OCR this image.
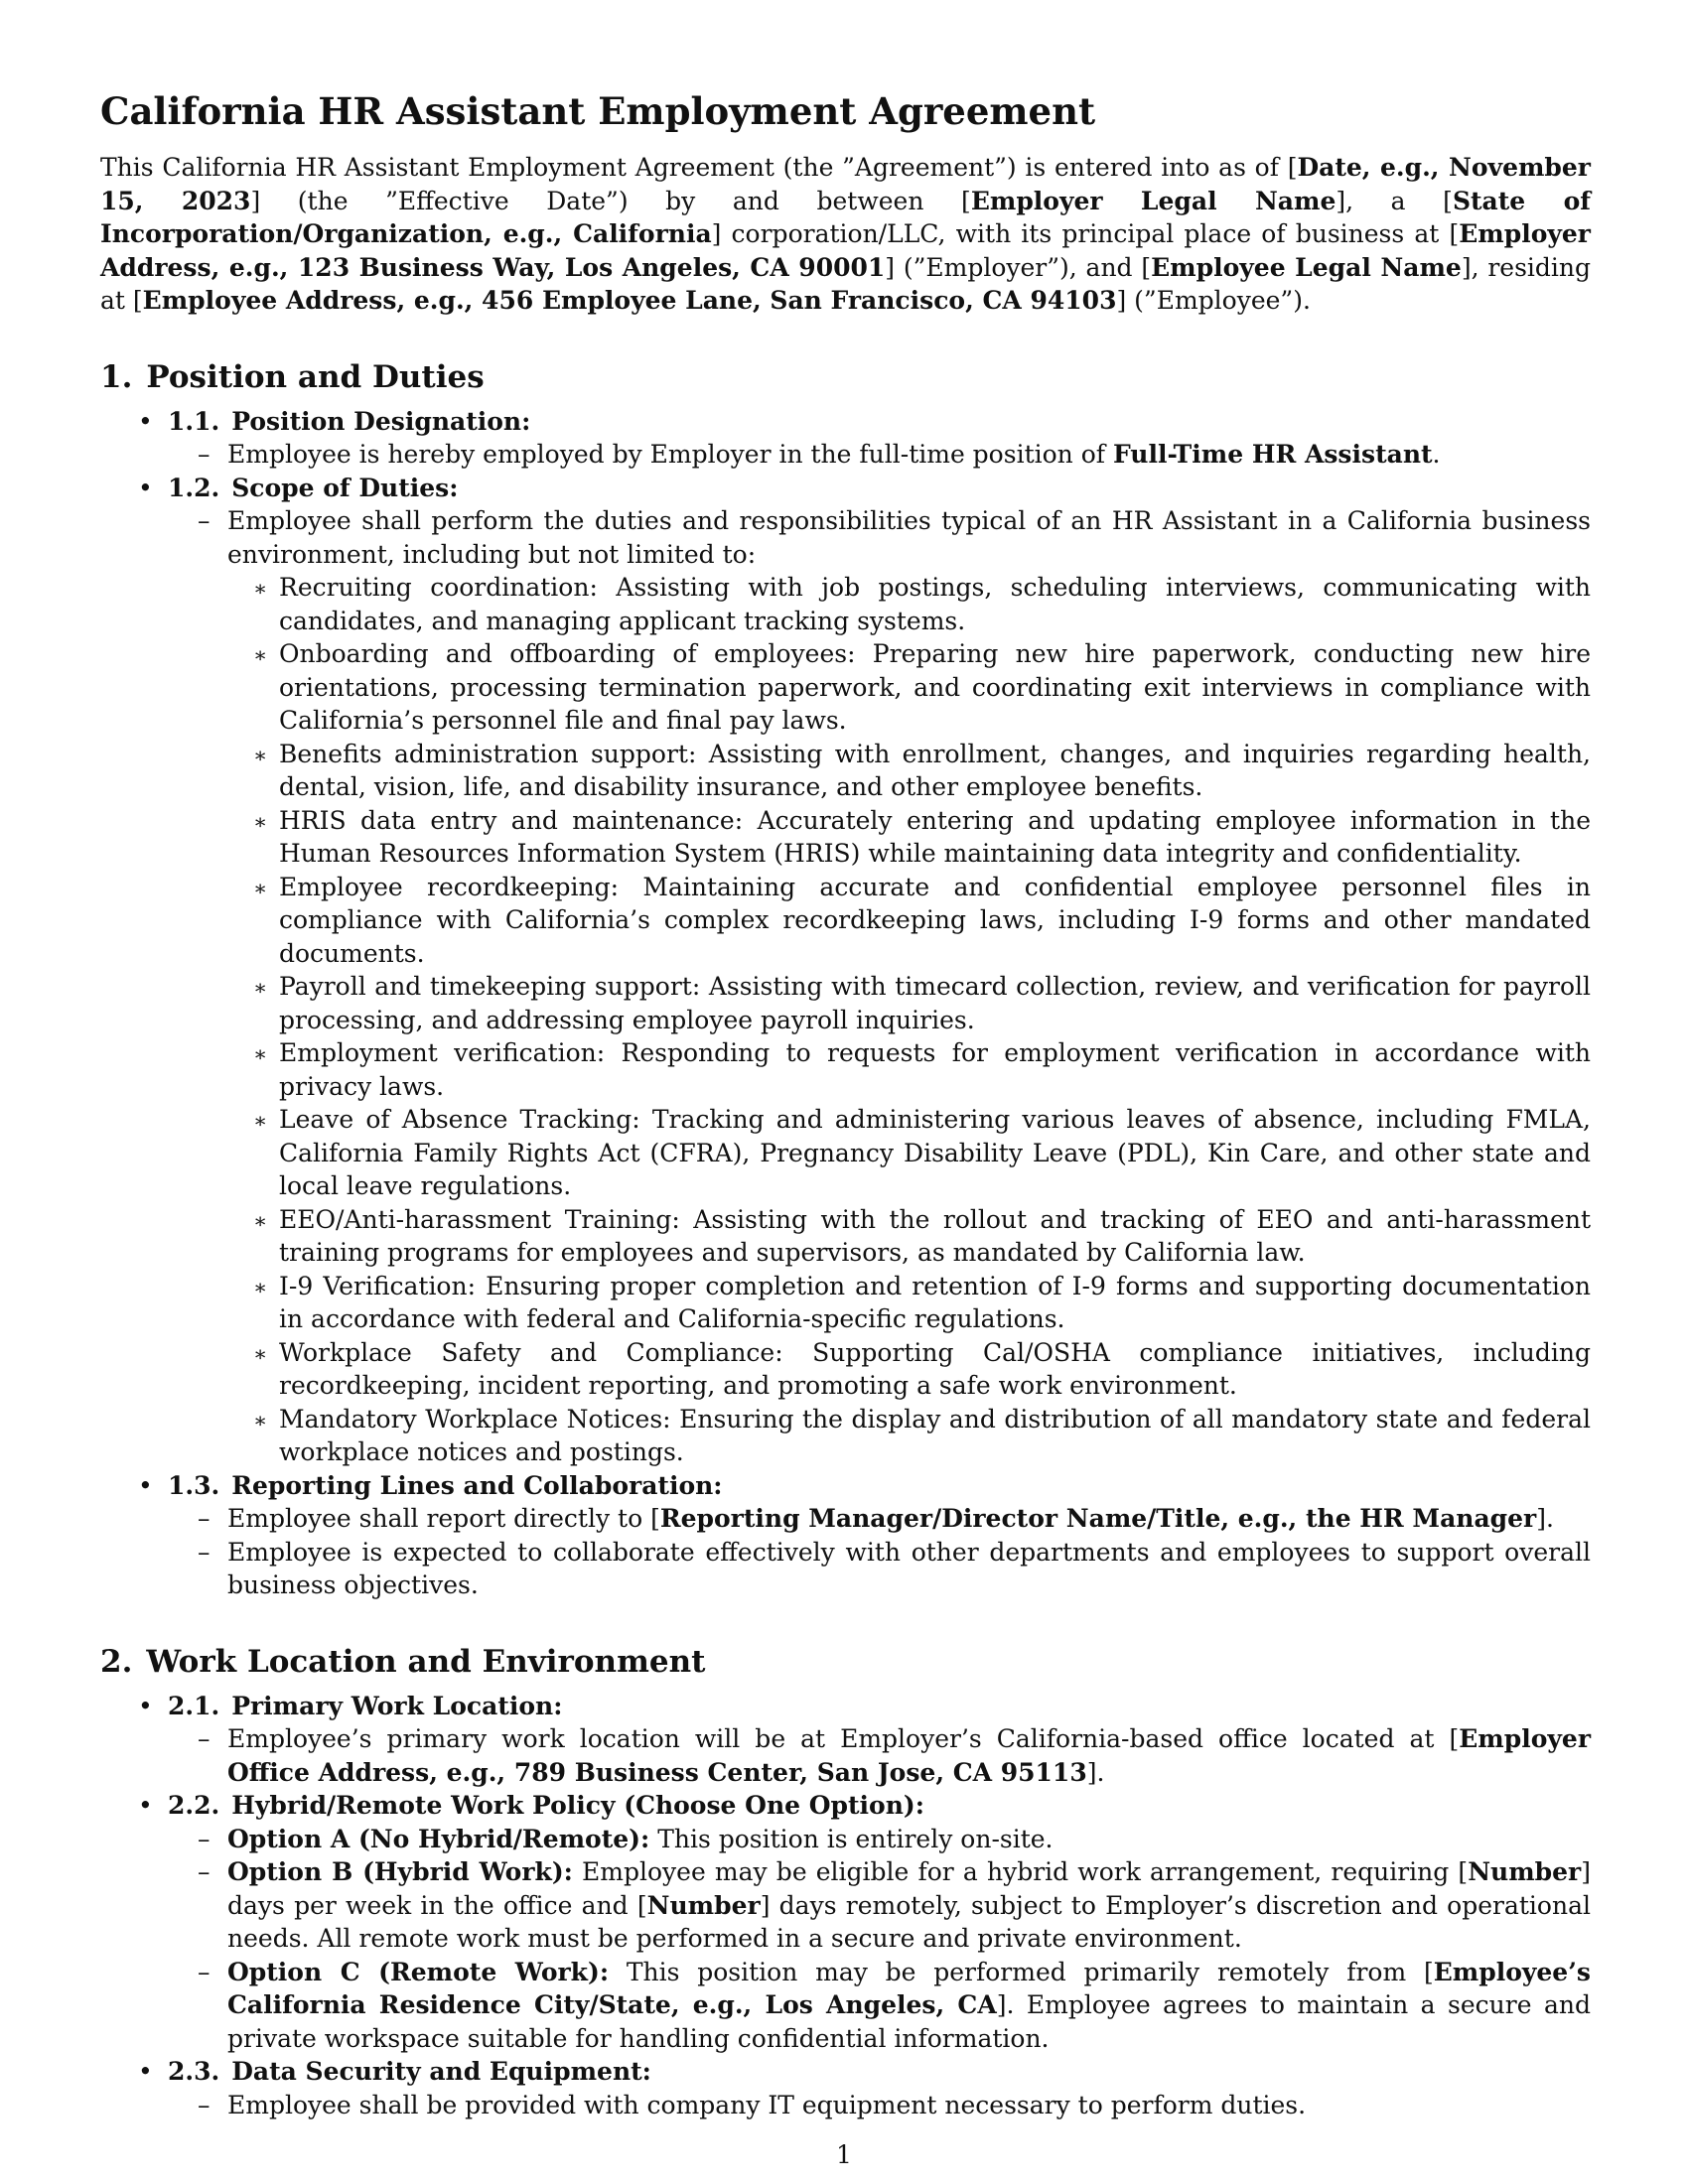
California HR Assistant Employment Agreement

This California HR Assistant Employment Agreement (the ”Agreement”) is entered into as of [Date, e.g., November 15, 2023] (the ”Effective Date”) by and between [Employer Legal Name], a [State of Incorporation/Organization, e.g., California] corporation/LLC, with its principal place of business at [Employer Address, e.g., 123 Business Way, Los Angeles, CA 90001] (”Employer”), and [Employee Legal Name], residing at [Employee Address, e.g., 456 Employee Lane, San Francisco, CA 94103] (”Employee”).

1. Position and Duties
• 1.1. Position Designation:
– Employee is hereby employed by Employer in the full-time position of Full-Time HR Assistant.
• 1.2. Scope of Duties:
– Employee shall perform the duties and responsibilities typical of an HR Assistant in a California business environment, including but not limited to:
∗ Recruiting coordination: Assisting with job postings, scheduling interviews, communicating with candidates, and managing applicant tracking systems.
∗ Onboarding and offboarding of employees: Preparing new hire paperwork, conducting new hire orientations, processing termination paperwork, and coordinating exit interviews in compliance with California’s personnel file and final pay laws.
∗ Benefits administration support: Assisting with enrollment, changes, and inquiries regarding health, dental, vision, life, and disability insurance, and other employee benefits.
∗ HRIS data entry and maintenance: Accurately entering and updating employee information in the Human Resources Information System (HRIS) while maintaining data integrity and confidentiality.
∗ Employee recordkeeping: Maintaining accurate and confidential employee personnel files in compliance with California’s complex recordkeeping laws, including I-9 forms and other mandated documents.
∗ Payroll and timekeeping support: Assisting with timecard collection, review, and verification for payroll processing, and addressing employee payroll inquiries.
∗ Employment verification: Responding to requests for employment verification in accordance with privacy laws.
∗ Leave of Absence Tracking: Tracking and administering various leaves of absence, including FMLA, California Family Rights Act (CFRA), Pregnancy Disability Leave (PDL), Kin Care, and other state and local leave regulations.
∗ EEO/Anti-harassment Training: Assisting with the rollout and tracking of EEO and anti-harassment training programs for employees and supervisors, as mandated by California law.
∗ I-9 Verification: Ensuring proper completion and retention of I-9 forms and supporting documentation in accordance with federal and California-specific regulations.
∗ Workplace Safety and Compliance: Supporting Cal/OSHA compliance initiatives, including recordkeeping, incident reporting, and promoting a safe work environment.
∗ Mandatory Workplace Notices: Ensuring the display and distribution of all mandatory state and federal workplace notices and postings.
• 1.3. Reporting Lines and Collaboration:
– Employee shall report directly to [Reporting Manager/Director Name/Title, e.g., the HR Manager].
– Employee is expected to collaborate effectively with other departments and employees to support overall business objectives.
2. Work Location and Environment
• 2.1. Primary Work Location:
– Employee’s primary work location will be at Employer’s California-based office located at [Employer Office Address, e.g., 789 Business Center, San Jose, CA 95113].
• 2.2. Hybrid/Remote Work Policy (Choose One Option):
– Option A (No Hybrid/Remote): This position is entirely on-site.
– Option B (Hybrid Work): Employee may be eligible for a hybrid work arrangement, requiring [Number] days per week in the office and [Number] days remotely, subject to Employer’s discretion and operational needs. All remote work must be performed in a secure and private environment.
– Option C (Remote Work): This position may be performed primarily remotely from [Employee’s California Residence City/State, e.g., Los Angeles, CA]. Employee agrees to maintain a secure and private workspace suitable for handling confidential information.
• 2.3. Data Security and Equipment:
– Employee shall be provided with company IT equipment necessary to perform duties.
1
